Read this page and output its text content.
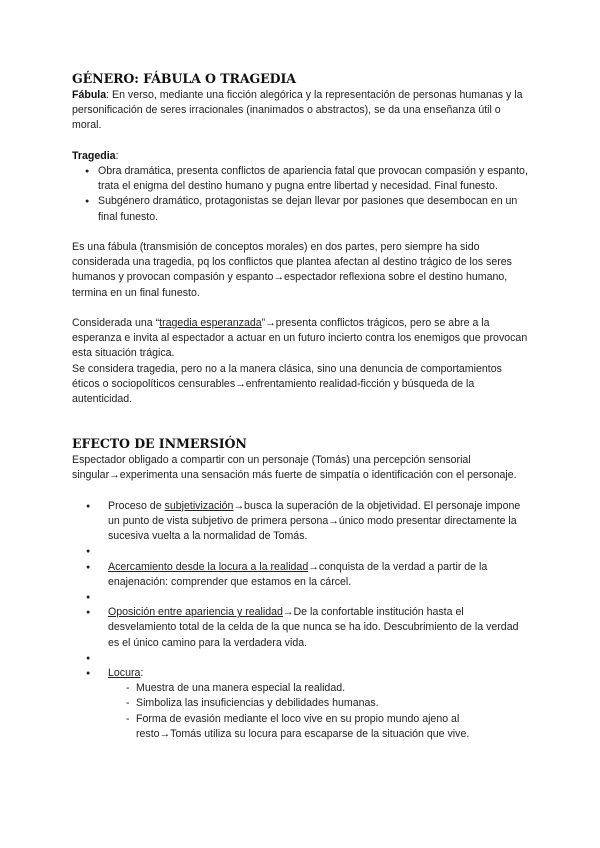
GÉNERO: FÁBULA O TRAGEDIA

Fábula: En verso, mediante una ficción alegórica y la representación de personas humanas y la personificación de seres irracionales (inanimados o abstractos), se da una enseñanza útil o moral.

Tragedia:

● Obra dramática, presenta conflictos de apariencia fatal que provocan compasión y espanto, trata el enigma del destino humano y pugna entre libertad y necesidad. Final funesto.
● Subgénero dramático, protagonistas se dejan llevar por pasiones que desembocan en un final funesto.

Es una fábula (transmisión de conceptos morales) en dos partes, pero siempre ha sido considerada una tragedia, pq los conflictos que plantea afectan al destino trágico de los seres humanos y provocan compasión y espanto→espectador reflexiona sobre el destino humano, termina en un final funesto.

Considerada una “tragedia esperanzada”→presenta conflictos trágicos, pero se abre a la esperanza e invita al espectador a actuar en un futuro incierto contra los enemigos que provocan esta situación trágica.

Se considera tragedia, pero no a la manera clásica, sino una denuncia de comportamientos éticos o sociopolíticos censurables→enfrentamiento realidad-ficción y búsqueda de la autenticidad.

EFECTO DE INMERSIÓN

Espectador obligado a compartir con un personaje (Tomás) una percepción sensorial singular→experimenta una sensación más fuerte de simpatía o identificación con el personaje.

● Proceso de subjetivización→busca la superación de la objetividad. El personaje impone un punto de vista subjetivo de primera persona→único modo presentar directamente la sucesiva vuelta a la normalidad de Tomás.
●
● Acercamiento desde la locura a la realidad→conquista de la verdad a partir de la enajenación: comprender que estamos en la cárcel.
●
● Oposición entre apariencia y realidad→De la confortable institución hasta el desvelamiento total de la celda de la que nunca se ha ido. Descubrimiento de la verdad es el único camino para la verdadera vida.
●
● Locura:
- Muestra de una manera especial la realidad.
- Simboliza las insuficiencias y debilidades humanas.
- Forma de evasión mediante el loco vive en su propio mundo ajeno al resto→Tomás utiliza su locura para escaparse de la situación que vive.
